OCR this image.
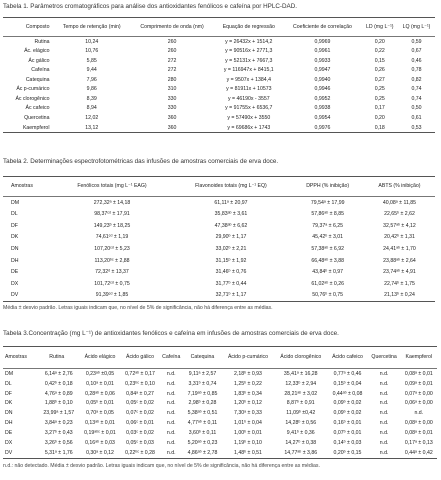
Tabela 1. Parâmetros cromatográficos para análise dos antioxidantes fenólicos e cafeína por HPLC-DAD.
Composto	Tempo de retenção (min)	Comprimento de onda (nm)	Equação de regressão	Coeficiente de correlação	LD (mg L⁻¹)	LQ (mg L⁻¹)
Rutina	10,24	260	y = 26432x + 1514,2	0,9969	0,20	0,59
Ác. elágico	10,76	260	y = 90516x + 2771,3	0,9961	0,22	0,67
Ác gálico	5,85	272	y = 52131x + 7667,3	0,9933	0,15	0,46
Cafeína	9,44	272	y = 116947x + 8415,1	0,9947	0,26	0,78
Catequina	7,96	280	y = 9507x + 1384,4	0,9940	0,27	0,82
Ác p-cumárico	9,86	310	y = 81911x + 10573	0,9946	0,25	0,74
Ác clorogênico	8,39	330	y = 46190x - 3557	0,9952	0,25	0,74
Ác cafeico	8,94	330	y = 91755x + 6536,7	0,9938	0,17	0,50
Quercetina	12,02	360	y = 57490x + 3550	0,9954	0,20	0,61
Kaempferol	13,12	360	y = 69686x + 1743	0,9976	0,18	0,53
Tabela 2. Determinações espectrofotométricas das infusões de amostras comerciais de erva doce.
Amostras	Fenólicos totais (mg L⁻¹ EAG)	Flavonoides totais (mg L⁻¹ EQ)	DPPH (% inibição)	ABTS (% inibição)
DM	272,32ᵃ ± 14,18	61,11ᵃ ± 20,97	79,54ᵃ ± 17,99	40,08ᵃ ± 11,85
DL	98,37ᶜᵈ ± 17,91	35,83ᵃᵇ ± 3,61	57,86ᵃᵇ ± 8,85	22,65ᵇ ± 2,62
DF	149,23ᵇ ± 18,25	47,38ᵃᵇ ± 6,62	79,37ᵃ ± 6,25	32,57ᵃᵇ ± 4,12
DK	74,61ᶜᵈ ± 1,19	29,90ᵇ ± 1,17	45,42ᵇ ± 3,01	20,42ᵇ ± 1,31
DN	107,20ᶜᵈ ± 5,23	33,02ᵇ ± 2,21	57,38ᵃᵇ ± 6,92	24,41ᵃᵇ ± 1,70
DH	113,20ᵇᶜ ± 2,88	31,15ᵇ ± 1,92	66,48ᵃᵇ ± 3,88	23,88ᵃᵇ ± 2,64
DE	72,32ᵈ ± 13,37	31,46ᵇ ± 0,76	43,84ᵇ ± 0,97	23,74ᵃᵇ ± 4,91
DX	101,72ᶜᵈ ± 0,75	31,77ᵇ ± 0,44	61,02ᵃᵇ ± 0,26	22,74ᵇ ± 1,75
DV	91,39ᶜᵈ ± 1,85	32,71ᵇ ± 1,17	50,76ᵇ ± 0,75	21,13ᵇ ± 0,24
Média ± desvio padrão. Letras iguais indicam que, no nível de 5% de significância, não há diferença entre as médias.
Tabela 3.Concentração (mg L⁻¹) de antioxidantes fenólicos e cafeína em infusões de amostras comerciais de erva doce.
Amostras	Rutina	Ácido elágico	Ácido gálico	Cafeína	Catequina	Ácido p-cumárico	Ácido clorogênico	Ácido cafeico	Quercetina	Kaempferol
DM	6,14ᵃ ± 2,76	0,23ᵃᵇ ±0,05	0,72ᵃᵇ ± 0,17	n.d.	9,11ᵃ ± 2,57	2,18ᵇ ± 0,93	35,41ᵃ ± 16,28	0,77ᵃ ± 0,46	n.d.	0,08ᵃ ± 0,01
DL	0,42ᵇ ± 0,18	0,10ᵃ ± 0,01	0,23ᵇᶜ ± 0,10	n.d.	3,31ᵇ ± 0,74	1,25ᵇ ± 0,22	12,33ᵇ ± 2,94	0,15ᵇ ± 0,04	n.d.	0,09ᵃ ± 0,01
DF	4,76ᵃ ± 0,89	0,28ᵃᵇ ± 0,06	0,84ᵃ ± 0,27	n.d.	7,19ᵃᵇ ± 0,85	1,83ᵇ ± 0,34	28,21ᵃᵇ ± 3,02	0,44ᵃᵇ ± 0,08	n.d.	0,07ᵃ ± 0,00
DK	1,88ᵇ ± 0,10	0,05ᵇ ± 0,01	0,05ᶜ ± 0,02	n.d.	2,98ᵇ ± 0,28	1,20ᵇ ± 0,12	8,87ᵇ ± 0,91	0,09ᵇ ± 0,02	n.d.	0,06ᵃ ± 0,00
DN	23,99ᵃ ± 1,57	0,70ᵃ ± 0,05	0,07ᶜ ± 0,02	n.d.	5,38ᵃᵇ ± 0,51	7,30ᵃ ± 0,33	11,09ᵇ ±0,42	0,09ᵇ ± 0,02	n.d.	n.d.
DH	3,84ᵃ ± 0,23	0,13ᵃᵇ ± 0,01	0,06ᶜ ± 0,01	n.d.	4,77ᵃᵇ ± 0,11	1,01ᵇ ± 0,04	14,28ᵇ ± 0,56	0,16ᵇ ± 0,01	n.d.	0,08ᵃ ± 0,00
DE	3,27ᵇ ± 0,43	0,19ᵃᵇᶜ ± 0,01	0,03ᶜ ± 0,02	n.d.	3,60ᵇ ± 0,11	1,00ᵇ ± 0,01	9,41ᵇ ± 0,36	0,07ᵇ ± 0,01	n.d.	0,08ᵃ ± 0,01
DX	3,26ᵇ ± 0,56	0,16ᵃᵇ ± 0,03	0,05ᶜ ± 0,03	n.d.	5,20ᵃᵇ ± 0,23	1,19ᵇ ± 0,10	14,27ᵇ ± 0,38	0,14ᵇ ± 0,03	n.d.	0,17ᵃ ± 0,13
DV	5,31ᵃ ± 1,76	0,30ᵃ ± 0,12	0,22ᵇᶜ ± 0,28	n.d.	4,86ᵃᵇ ± 2,78	1,48ᵇ ± 0,51	14,77ᵃᵇ ± 3,86	0,20ᵇ ± 0,15	n.d.	0,44ᵃ ± 0,42
n.d.: não detectado. Média ± desvio padrão. Letras iguais indicam que, no nível de 5% de significância, não há diferença entre as médias.
